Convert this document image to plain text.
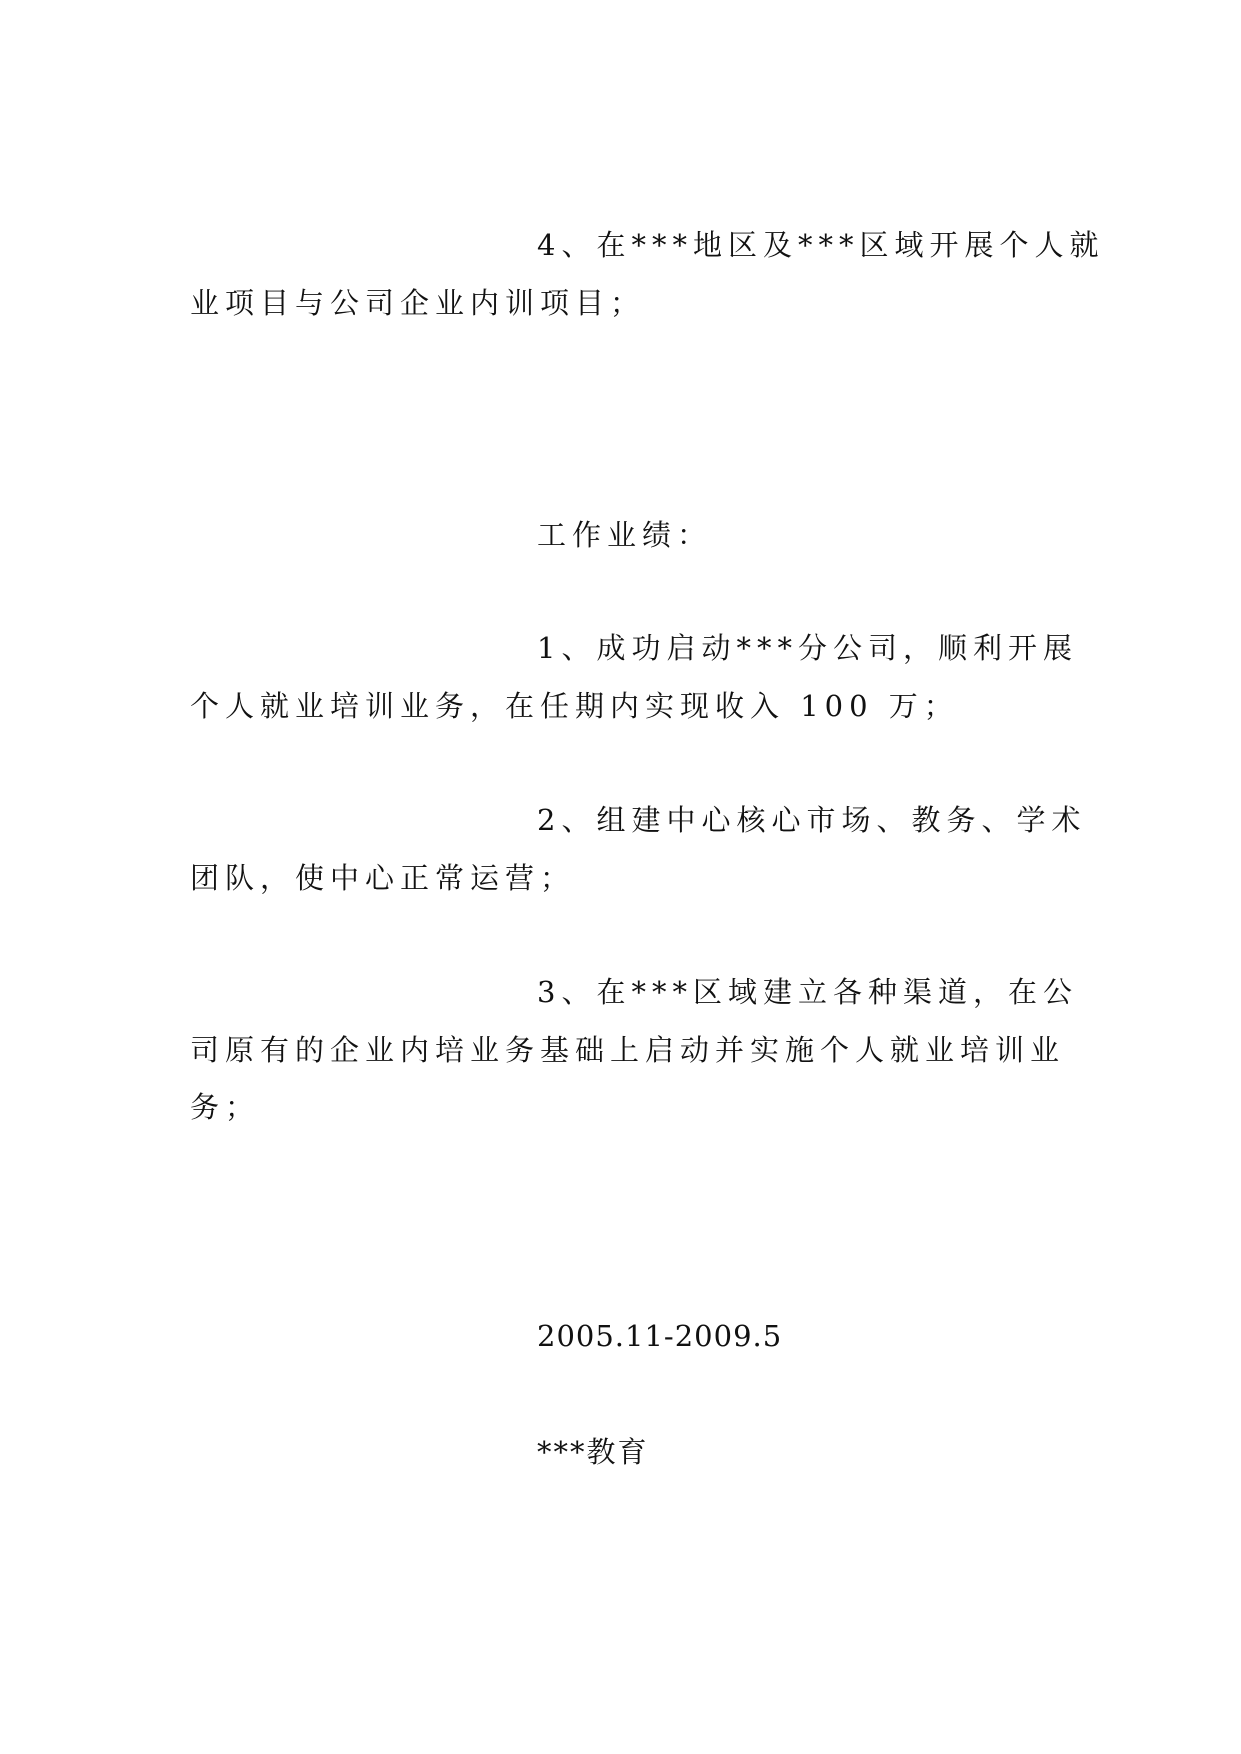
4、在***地区及***区域开展个人就

业项目与公司企业内训项目；

工作业绩：

1、成功启动***分公司，顺利开展

个人就业培训业务，在任期内实现收入 100 万；

2、组建中心核心市场、教务、学术

团队，使中心正常运营；

3、在***区域建立各种渠道，在公

司原有的企业内培业务基础上启动并实施个人就业培训业

务；

2005.11-2009.5

***教育
